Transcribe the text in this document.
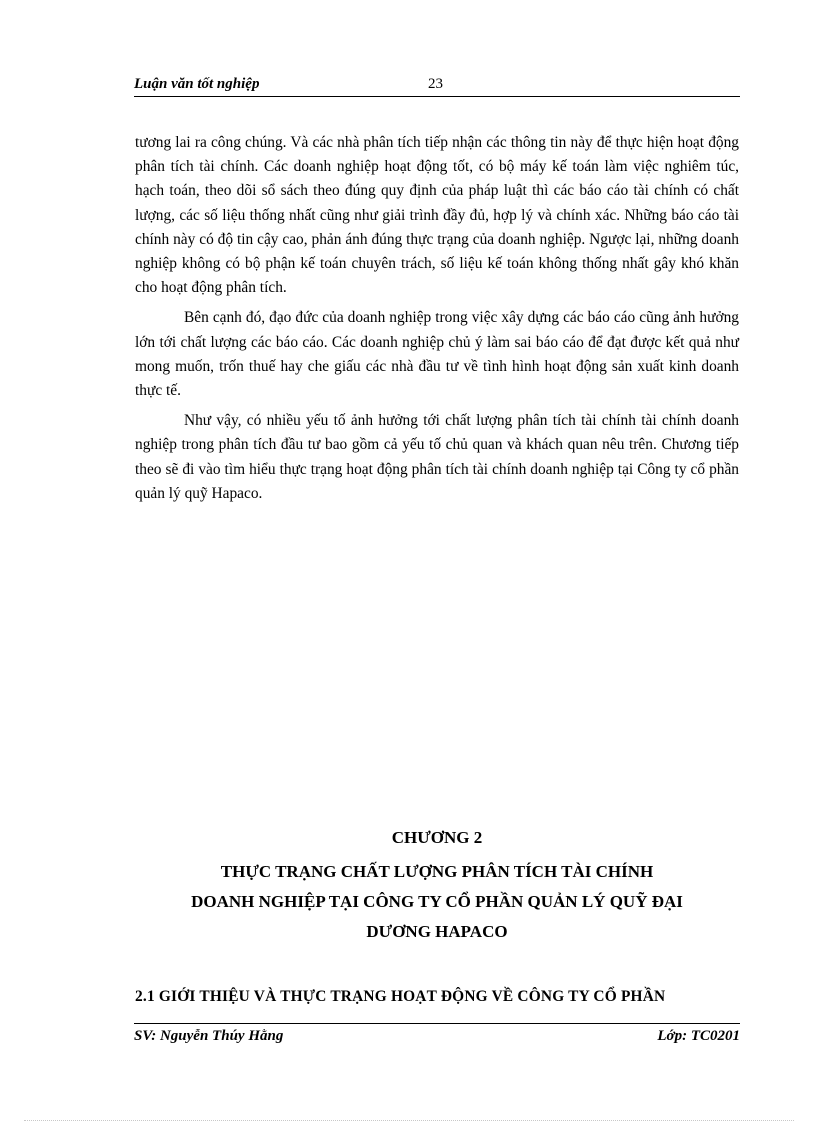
Luận văn tốt nghiệp	23

tương lai ra công chúng. Và các nhà phân tích tiếp nhận các thông tin này để thực hiện hoạt động phân tích tài chính. Các doanh nghiệp hoạt động tốt, có bộ máy kế toán làm việc nghiêm túc, hạch toán, theo dõi sổ sách theo đúng quy định của pháp luật thì các báo cáo tài chính có chất lượng, các số liệu thống nhất cũng như giải trình đầy đủ, hợp lý và chính xác. Những báo cáo tài chính này có độ tin cậy cao, phản ánh đúng thực trạng của doanh nghiệp. Ngược lại, những doanh nghiệp không có bộ phận kế toán chuyên trách, số liệu kế toán không thống nhất gây khó khăn cho hoạt động phân tích.

Bên cạnh đó, đạo đức của doanh nghiệp trong việc xây dựng các báo cáo cũng ảnh hưởng lớn tới chất lượng các báo cáo. Các doanh nghiệp chủ ý làm sai báo cáo để đạt được kết quả như mong muốn, trốn thuế hay che giấu các nhà đầu tư về tình hình hoạt động sản xuất kinh doanh thực tế.

Như vậy, có nhiều yếu tố ảnh hưởng tới chất lượng phân tích tài chính tài chính doanh nghiệp trong phân tích đầu tư bao gồm cả yếu tố chủ quan và khách quan nêu trên. Chương tiếp theo sẽ đi vào tìm hiểu thực trạng hoạt động phân tích tài chính doanh nghiệp tại Công ty cổ phần quản lý quỹ Hapaco.

CHƯƠNG 2
THỰC TRẠNG CHẤT LƯỢNG PHÂN TÍCH TÀI CHÍNH
DOANH NGHIỆP TẠI CÔNG TY CỔ PHẦN QUẢN LÝ QUỸ ĐẠI
DƯƠNG HAPACO
2.1 GIỚI THIỆU VÀ THỰC TRẠNG HOẠT ĐỘNG VỀ CÔNG TY CỔ PHẦN
SV: Nguyễn Thúy Hằng	Lớp: TC0201
